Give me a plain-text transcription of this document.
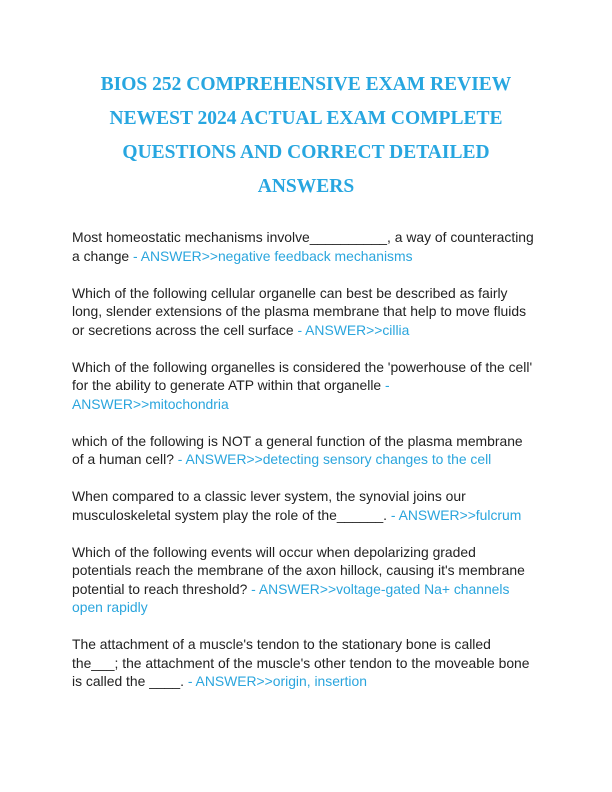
BIOS 252 COMPREHENSIVE EXAM REVIEW
NEWEST 2024 ACTUAL EXAM COMPLETE
QUESTIONS AND CORRECT DETAILED
ANSWERS

Most homeostatic mechanisms involve__________, a way of counteracting
a change - ANSWER>>negative feedback mechanisms

Which of the following cellular organelle can best be described as fairly
long, slender extensions of the plasma membrane that help to move fluids
or secretions across the cell surface - ANSWER>>cillia

Which of the following organelles is considered the 'powerhouse of the cell'
for the ability to generate ATP within that organelle -
ANSWER>>mitochondria

which of the following is NOT a general function of the plasma membrane
of a human cell? - ANSWER>>detecting sensory changes to the cell

When compared to a classic lever system, the synovial joins our
musculoskeletal system play the role of the______. - ANSWER>>fulcrum

Which of the following events will occur when depolarizing graded
potentials reach the membrane of the axon hillock, causing it's membrane
potential to reach threshold? - ANSWER>>voltage-gated Na+ channels
open rapidly

The attachment of a muscle's tendon to the stationary bone is called
the___; the attachment of the muscle's other tendon to the moveable bone
is called the ____. - ANSWER>>origin, insertion
